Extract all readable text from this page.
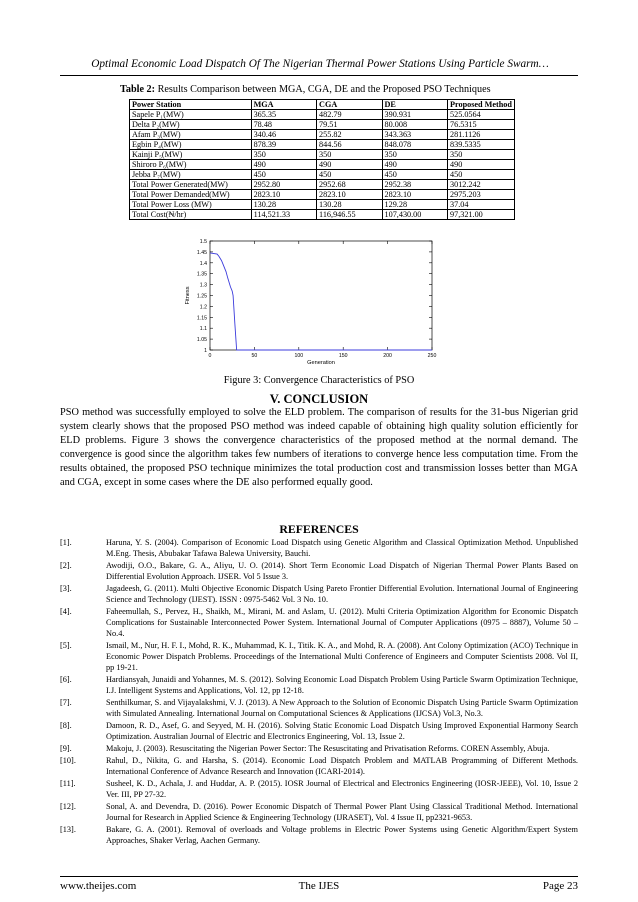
Optimal Economic Load Dispatch Of The Nigerian Thermal Power Stations Using Particle Swarm…
Table 2: Results Comparison between MGA, CGA, DE and the Proposed PSO Techniques
Power Station	MGA	CGA	DE	Proposed Method
Sapele P₁(MW)	365.35	482.79	390.931	525.0564
Delta P₂(MW)	78.48	79.51	80.008	76.5315
Afam P₃(MW)	340.46	255.82	343.363	281.1126
Egbin P₄(MW)	878.39	844.56	848.078	839.5335
Kainji P₅(MW)	350	350	350	350
Shiroro P₆(MW)	490	490	490	490
Jebba P₇(MW)	450	450	450	450
Total Power Generated(MW)	2952.80	2952.68	2952.38	3012.242
Total Power Demanded(MW)	2823.10	2823.10	2823.10	2975.203
Total Power Loss (MW)	130.28	130.28	129.28	37.04
Total Cost(₦/hr)	114,521.33	116,946.55	107,430.00	97,321.00
1
1.05
1.1
1.15
1.2
1.25
1.3
1.35
1.4
1.45
1.5
0	50	100	150	200	250
Generation
Fitness
Figure 3: Convergence Characteristics of PSO
V. CONCLUSION

PSO method was successfully employed to solve the ELD problem. The comparison of results for the 31-bus Nigerian grid system clearly shows that the proposed PSO method was indeed capable of obtaining high quality solution efficiently for ELD problems. Figure 3 shows the convergence characteristics of the proposed method at the normal demand. The convergence is good since the algorithm takes few numbers of iterations to converge hence less computation time. From the results obtained, the proposed PSO technique minimizes the total production cost and transmission losses better than MGA and CGA, except in some cases where the DE also performed equally good.

REFERENCES
[1].	Haruna, Y. S. (2004). Comparison of Economic Load Dispatch using Genetic Algorithm and Classical Optimization Method. Unpublished M.Eng. Thesis, Abubakar Tafawa Balewa University, Bauchi.
[2].	Awodiji, O.O., Bakare, G. A., Aliyu, U. O. (2014). Short Term Economic Load Dispatch of Nigerian Thermal Power Plants Based on Differential Evolution Approach. IJSER. Vol 5 Issue 3.
[3].	Jagadeesh, G. (2011). Multi Objective Economic Dispatch Using Pareto Frontier Differential Evolution. International Journal of Engineering Science and Technology (IJEST). ISSN : 0975-5462 Vol. 3 No. 10.
[4].	Faheemullah, S., Pervez, H., Shaikh, M., Mirani, M. and Aslam, U. (2012). Multi Criteria Optimization Algorithm for Economic Dispatch Complications for Sustainable Interconnected Power System. International Journal of Computer Applications (0975 – 8887), Volume 50 – No.4.
[5].	Ismail, M., Nur, H. F. I., Mohd, R. K., Muhammad, K. I., Titik. K. A., and Mohd, R. A. (2008). Ant Colony Optimization (ACO) Technique in Economic Power Dispatch Problems. Proceedings of the International Multi Conference of Engineers and Computer Scientists 2008. Vol II, pp 19-21.
[6].	Hardiansyah, Junaidi and Yohannes, M. S. (2012). Solving Economic Load Dispatch Problem Using Particle Swarm Optimization Technique, I.J. Intelligent Systems and Applications, Vol. 12, pp 12-18.
[7].	Senthilkumar, S. and Vijayalakshmi, V. J. (2013). A New Approach to the Solution of Economic Dispatch Using Particle Swarm Optimization with Simulated Annealing. International Journal on Computational Sciences & Applications (IJCSA) Vol.3, No.3.
[8].	Damoon, R. D., Asef, G. and Seyyed, M. H. (2016). Solving Static Economic Load Dispatch Using Improved Exponential Harmony Search Optimization. Australian Journal of Electric and Electronics Engineering, Vol. 13, Issue 2.
[9].	Makoju, J. (2003). Resuscitating the Nigerian Power Sector: The Resuscitating and Privatisation Reforms. COREN Assembly, Abuja.
[10].	Rahul, D., Nikita, G. and Harsha, S. (2014). Economic Load Dispatch Problem and MATLAB Programming of Different Methods. International Conference of Advance Research and Innovation (ICARI-2014).
[11].	Susheel, K. D., Achala, J. and Huddar, A. P. (2015). IOSR Journal of Electrical and Electronics Engineering (IOSR-JEEE), Vol. 10, Issue 2 Ver. III, PP 27-32.
[12].	Sonal, A. and Devendra, D. (2016). Power Economic Dispatch of Thermal Power Plant Using Classical Traditional Method. International Journal for Research in Applied Science & Engineering Technology (IJRASET), Vol. 4 Issue II, pp2321-9653.
[13].	Bakare, G. A. (2001). Removal of overloads and Voltage problems in Electric Power Systems using Genetic Algorithm/Expert System Approaches, Shaker Verlag, Aachen Germany.
www.theijes.com	The IJES	Page 23
